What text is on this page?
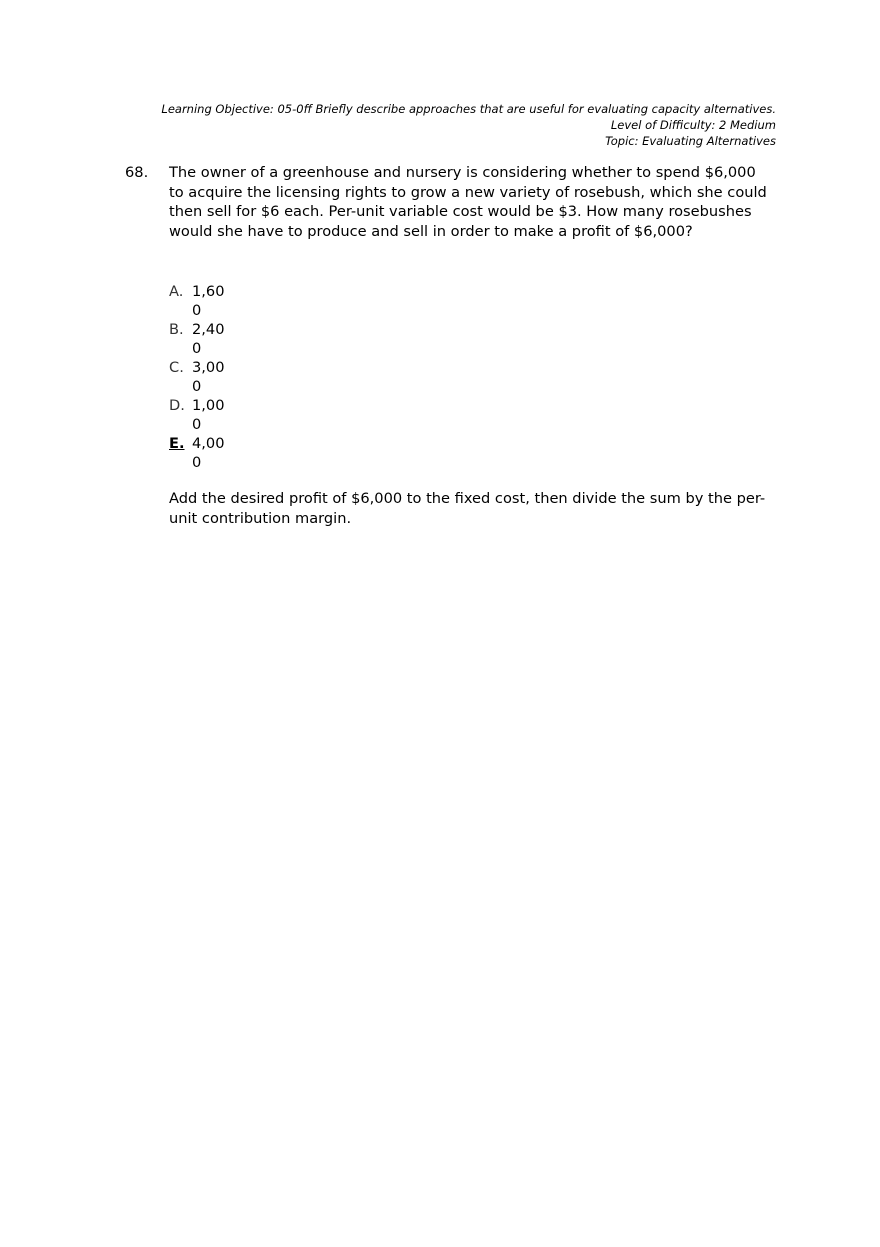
Learning Objective: 05-0ff Briefly describe approaches that are useful for evaluating capacity alternatives.
Level of Difficulty: 2 Medium
Topic: Evaluating Alternatives
68. The owner of a greenhouse and nursery is considering whether to spend $6,000 to acquire the licensing rights to grow a new variety of rosebush, which she could then sell for $6 each. Per-unit variable cost would be $3. How many rosebushes would she have to produce and sell in order to make a profit of $6,000?
A. 1,600
B. 2,400
C. 3,000
D. 1,000
E. 4,000
Add the desired profit of $6,000 to the fixed cost, then divide the sum by the per-unit contribution margin.
